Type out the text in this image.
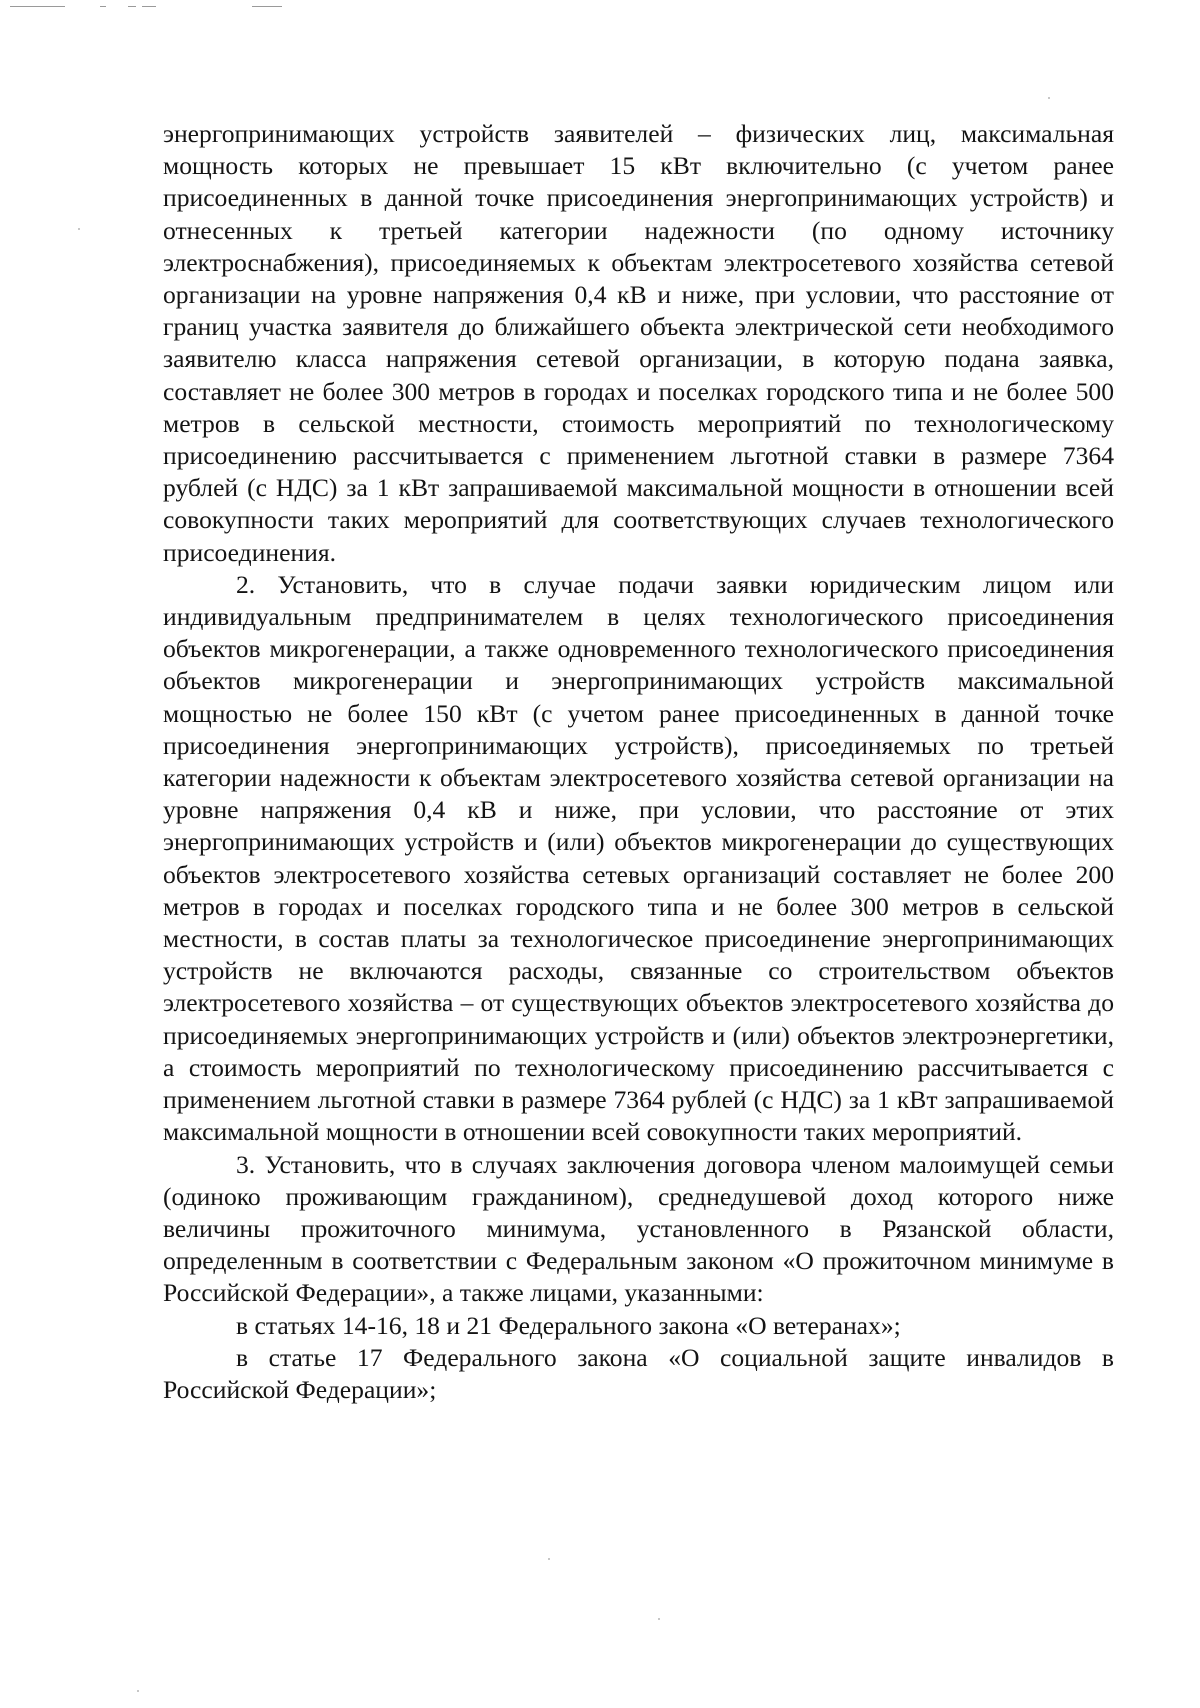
энергопринимающих устройств заявителей – физических лиц, максимальная мощность которых не превышает 15 кВт включительно (с учетом ранее присоединенных в данной точке присоединения энергопринимающих устройств) и отнесенных к третьей категории надежности (по одному источнику электроснабжения), присоединяемых к объектам электросетевого хозяйства сетевой организации на уровне напряжения 0,4 кВ и ниже, при условии, что расстояние от границ участка заявителя до ближайшего объекта электрической сети необходимого заявителю класса напряжения сетевой организации, в которую подана заявка, составляет не более 300 метров в городах и поселках городского типа и не более 500 метров в сельской местности, стоимость мероприятий по технологическому присоединению рассчитывается с применением льготной ставки в размере 7364 рублей (с НДС) за 1 кВт запрашиваемой максимальной мощности в отношении всей совокупности таких мероприятий для соответствующих случаев технологического присоединения.

2. Установить, что в случае подачи заявки юридическим лицом или индивидуальным предпринимателем в целях технологического присоединения объектов микрогенерации, а также одновременного технологического присоединения объектов микрогенерации и энергопринимающих устройств максимальной мощностью не более 150 кВт (с учетом ранее присоединенных в данной точке присоединения энергопринимающих устройств), присоединяемых по третьей категории надежности к объектам электросетевого хозяйства сетевой организации на уровне напряжения 0,4 кВ и ниже, при условии, что расстояние от этих энергопринимающих устройств и (или) объектов микрогенерации до существующих объектов электросетевого хозяйства сетевых организаций составляет не более 200 метров в городах и поселках городского типа и не более 300 метров в сельской местности, в состав платы за технологическое присоединение энергопринимающих устройств не включаются расходы, связанные со строительством объектов электросетевого хозяйства – от существующих объектов электросетевого хозяйства до присоединяемых энергопринимающих устройств и (или) объектов электроэнергетики, а стоимость мероприятий по технологическому присоединению рассчитывается с применением льготной ставки в размере 7364 рублей (с НДС) за 1 кВт запрашиваемой максимальной мощности в отношении всей совокупности таких мероприятий.

3. Установить, что в случаях заключения договора членом малоимущей семьи (одиноко проживающим гражданином), среднедушевой доход которого ниже величины прожиточного минимума, установленного в Рязанской области, определенным в соответствии с Федеральным законом «О прожиточном минимуме в Российской Федерации», а также лицами, указанными:

в статьях 14-16, 18 и 21 Федерального закона «О ветеранах»;

в статье 17 Федерального закона «О социальной защите инвалидов в Российской Федерации»;
